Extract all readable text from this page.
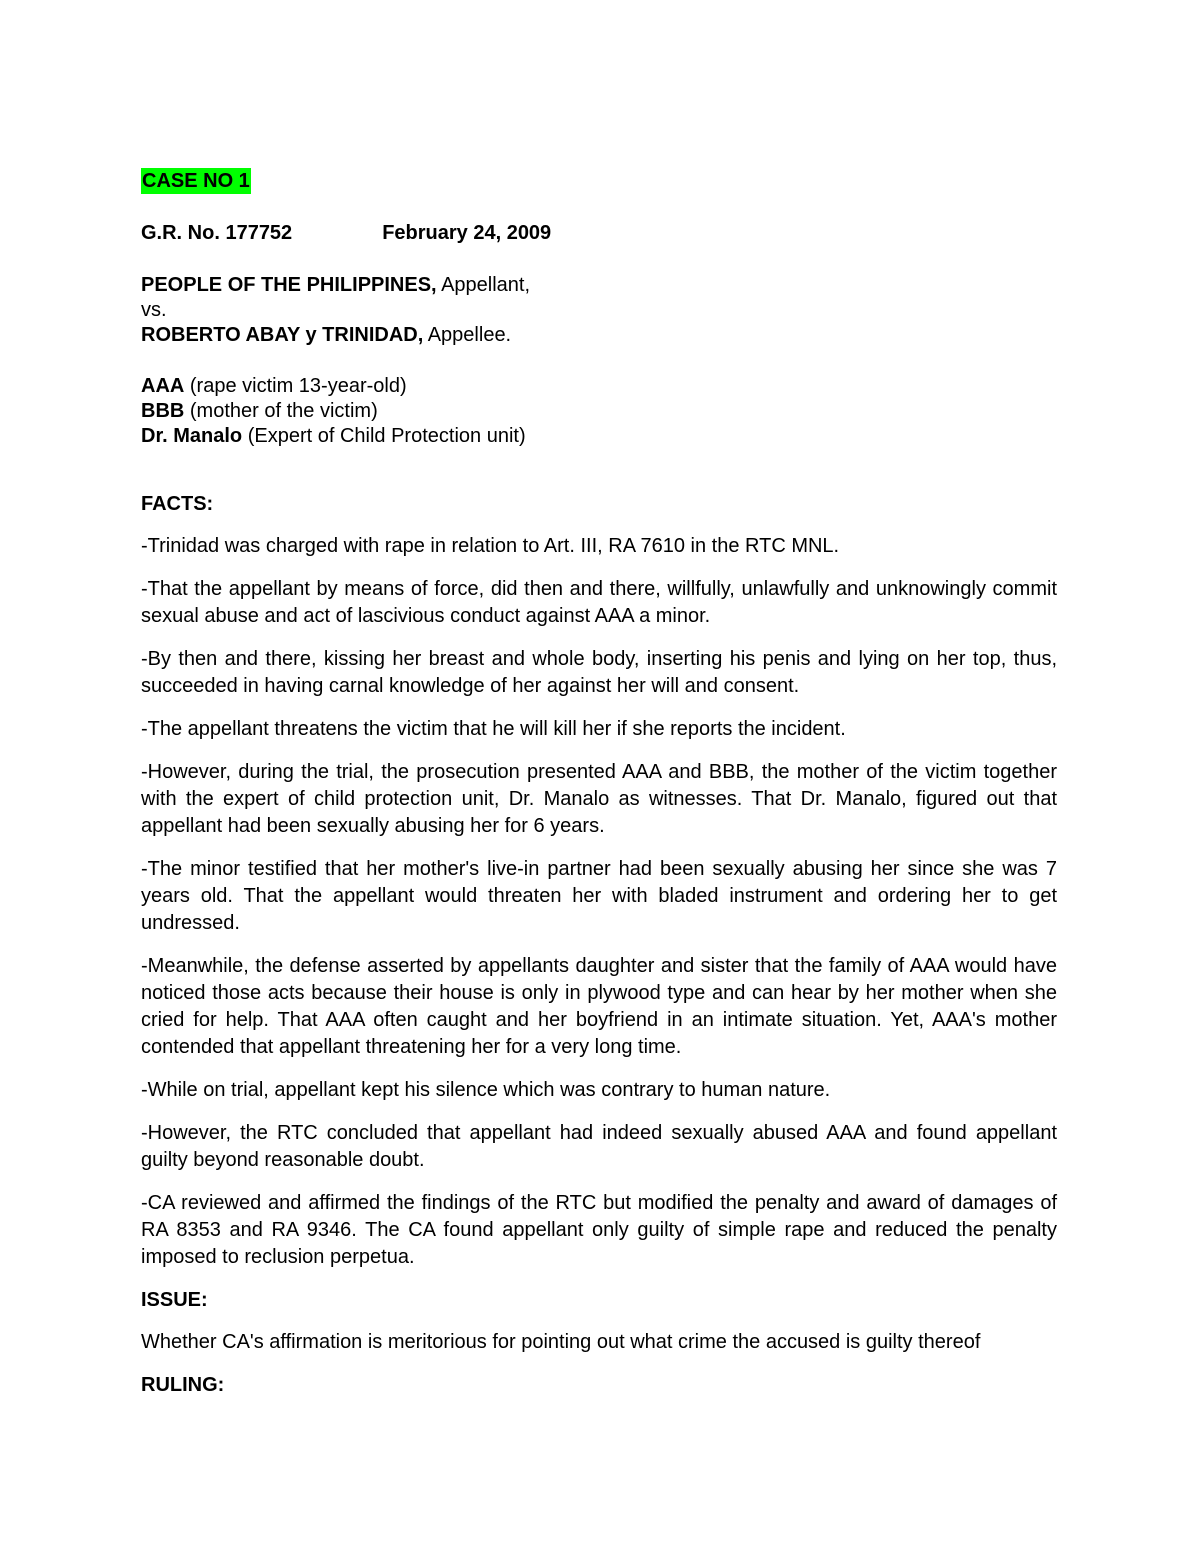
CASE NO 1
G.R. No. 177752	February 24, 2009
PEOPLE OF THE PHILIPPINES, Appellant,
vs.
ROBERTO ABAY y TRINIDAD, Appellee.
AAA (rape victim 13-year-old)
BBB (mother of the victim)
Dr. Manalo (Expert of Child Protection unit)
FACTS:
-Trinidad was charged with rape in relation to Art. III, RA 7610 in the RTC MNL.
-That the appellant by means of force, did then and there, willfully, unlawfully and unknowingly commit sexual abuse and act of lascivious conduct against AAA a minor.
-By then and there, kissing her breast and whole body, inserting his penis and lying on her top, thus, succeeded in having carnal knowledge of her against her will and consent.
-The appellant threatens the victim that he will kill her if she reports the incident.
-However, during the trial, the prosecution presented AAA and BBB, the mother of the victim together with the expert of child protection unit, Dr. Manalo as witnesses. That Dr. Manalo, figured out that appellant had been sexually abusing her for 6 years.
-The minor testified that her mother's live-in partner had been sexually abusing her since she was 7 years old. That the appellant would threaten her with bladed instrument and ordering her to get undressed.
-Meanwhile, the defense asserted by appellants daughter and sister that the family of AAA would have noticed those acts because their house is only in plywood type and can hear by her mother when she cried for help. That AAA often caught and her boyfriend in an intimate situation. Yet, AAA's mother contended that appellant threatening her for a very long time.
-While on trial, appellant kept his silence which was contrary to human nature.
-However, the RTC concluded that appellant had indeed sexually abused AAA and found appellant guilty beyond reasonable doubt.
-CA reviewed and affirmed the findings of the RTC but modified the penalty and award of damages of RA 8353 and RA 9346. The CA found appellant only guilty of simple rape and reduced the penalty imposed to reclusion perpetua.
ISSUE:
Whether CA's affirmation is meritorious for pointing out what crime the accused is guilty thereof
RULING:
